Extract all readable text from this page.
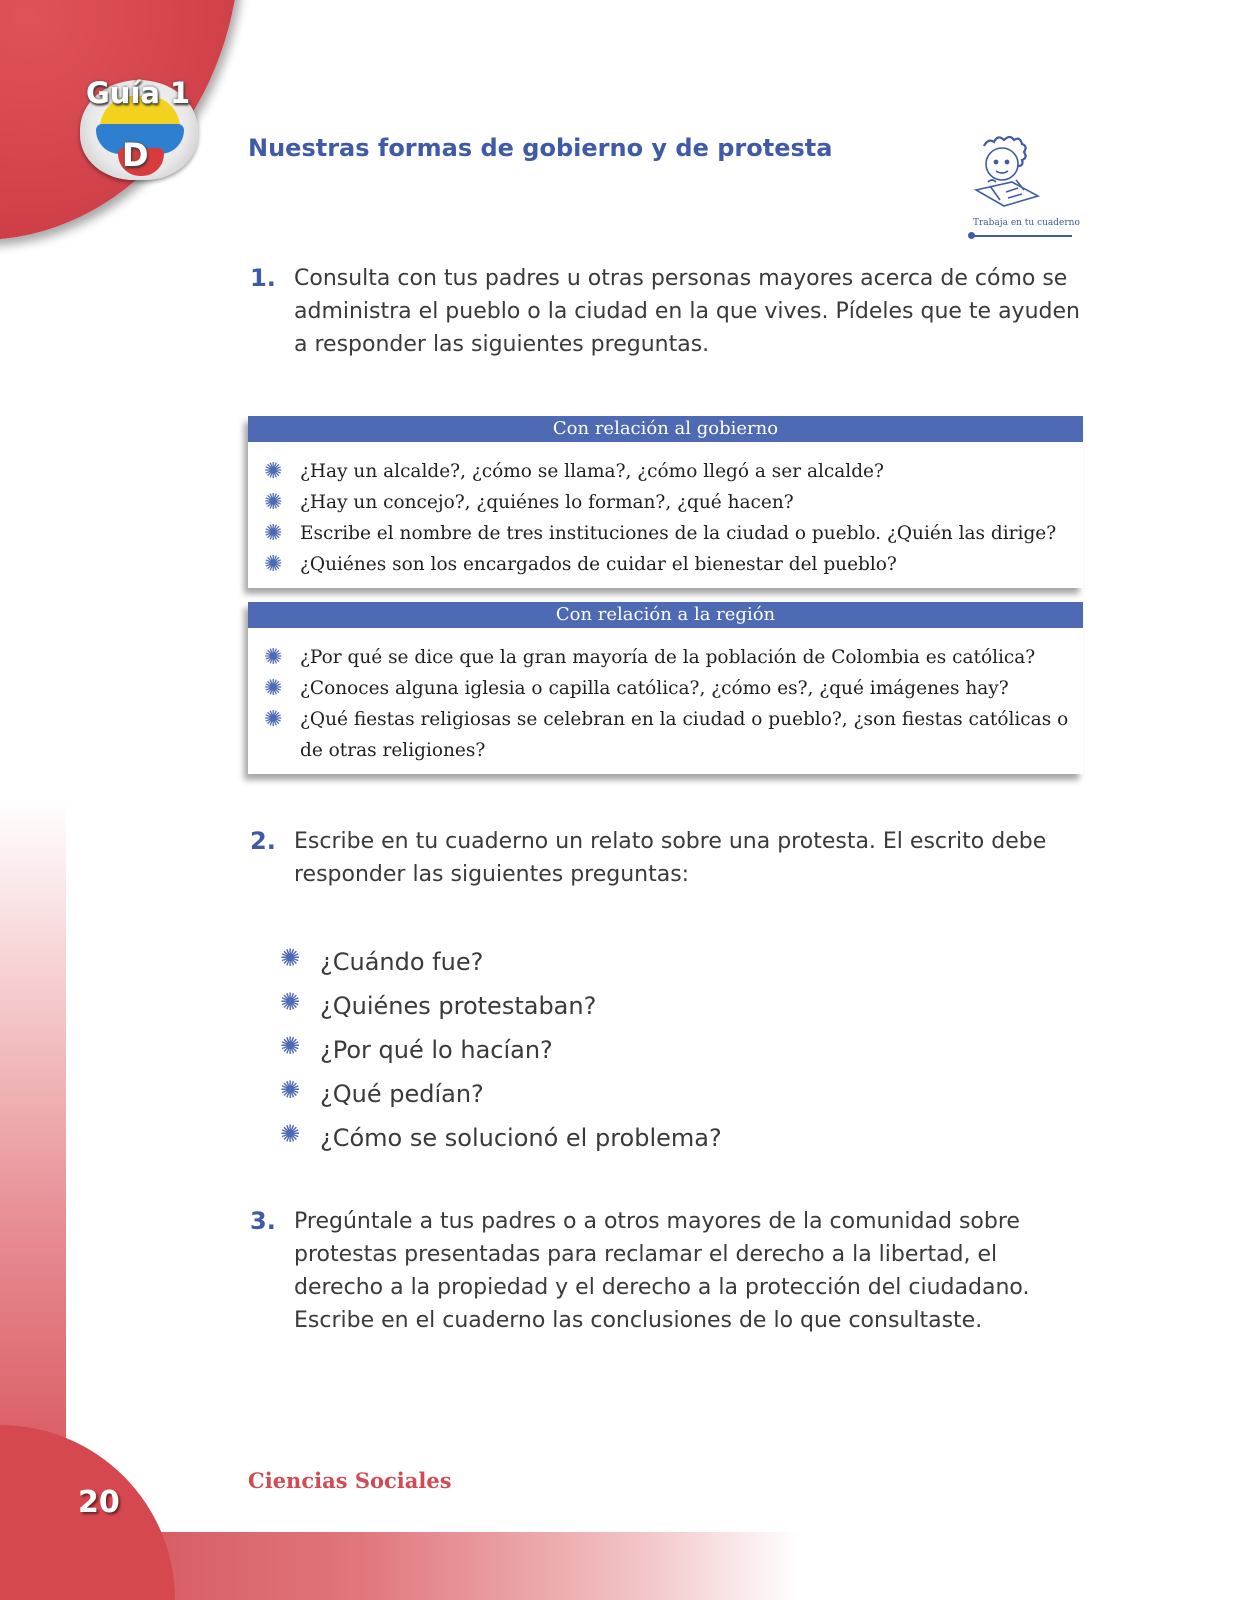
Guía 1
D	Nuestras formas de gobierno y de protesta
Trabaja en tu cuaderno
1. Consulta con tus padres u otras personas mayores acerca de cómo se administra el pueblo o la ciudad en la que vives. Pídeles que te ayuden a responder las siguientes preguntas.
Con relación al gobierno
✺ ¿Hay un alcalde?, ¿cómo se llama?, ¿cómo llegó a ser alcalde?
✺ ¿Hay un concejo?, ¿quiénes lo forman?, ¿qué hacen?
✺ Escribe el nombre de tres instituciones de la ciudad o pueblo. ¿Quién las dirige?
✺ ¿Quiénes son los encargados de cuidar el bienestar del pueblo?
Con relación a la región
✺ ¿Por qué se dice que la gran mayoría de la población de Colombia es católica?
✺ ¿Conoces alguna iglesia o capilla católica?, ¿cómo es?, ¿qué imágenes hay?
✺ ¿Qué fiestas religiosas se celebran en la ciudad o pueblo?, ¿son fiestas católicas o de otras religiones?
2. Escribe en tu cuaderno un relato sobre una protesta. El escrito debe responder las siguientes preguntas:
✺ ¿Cuándo fue?
✺ ¿Quiénes protestaban?
✺ ¿Por qué lo hacían?
✺ ¿Qué pedían?
✺ ¿Cómo se solucionó el problema?
3. Pregúntale a tus padres o a otros mayores de la comunidad sobre protestas presentadas para reclamar el derecho a la libertad, el derecho a la propiedad y el derecho a la protección del ciudadano. Escribe en el cuaderno las conclusiones de lo que consultaste.
Ciencias Sociales
20
